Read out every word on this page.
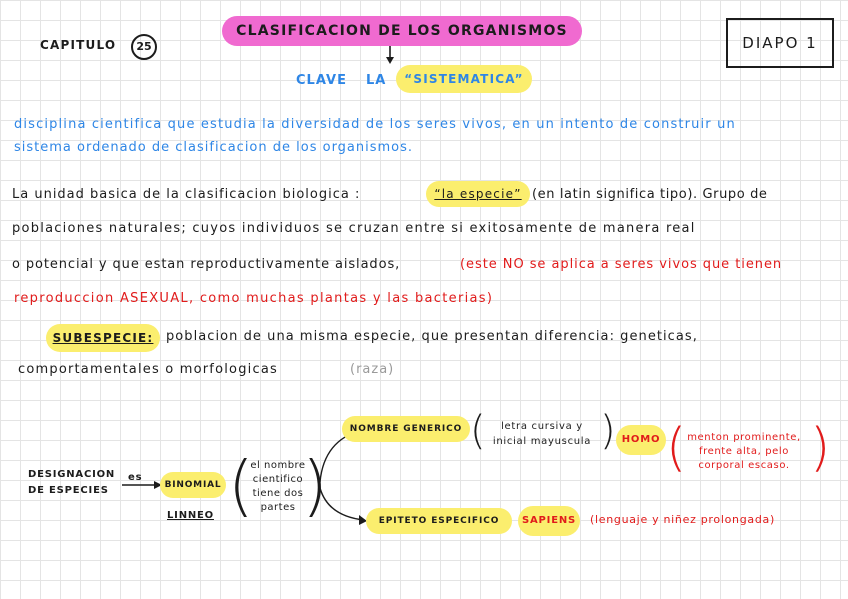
CAPITULO	25
CLASIFICACION DE LOS ORGANISMOS
DIAPO 1
CLAVE LA	“SISTEMATICA”
disciplina cientifica que estudia la diversidad de los seres vivos, en un intento de construir un
sistema ordenado de clasificacion de los organismos.
La unidad basica de la clasificacion biologica :	“la especie” (en latin significa tipo). Grupo de
poblaciones naturales; cuyos individuos se cruzan entre si exitosamente de manera real
o potencial y que estan reproductivamente aislados,	(este NO se aplica a seres vivos que tienen
reproduccion ASEXUAL, como muchas plantas y las bacterias)
SUBESPECIE: poblacion de una misma especie, que presentan diferencia: geneticas,
comportamentales o morfologicas	(raza)
DESIGNACION
DE ESPECIES
es
BINOMIAL
LINNEO (
el nombre
cientifico
tiene dos
partes )
NOMBRE GENERICO (	letra cursiva y
inicial mayuscula ) HOMO ( menton prominente,
frente alta, pelo
corporal escaso. )
EPITETO ESPECIFICO	SAPIENS	(lenguaje y niñez prolongada)
